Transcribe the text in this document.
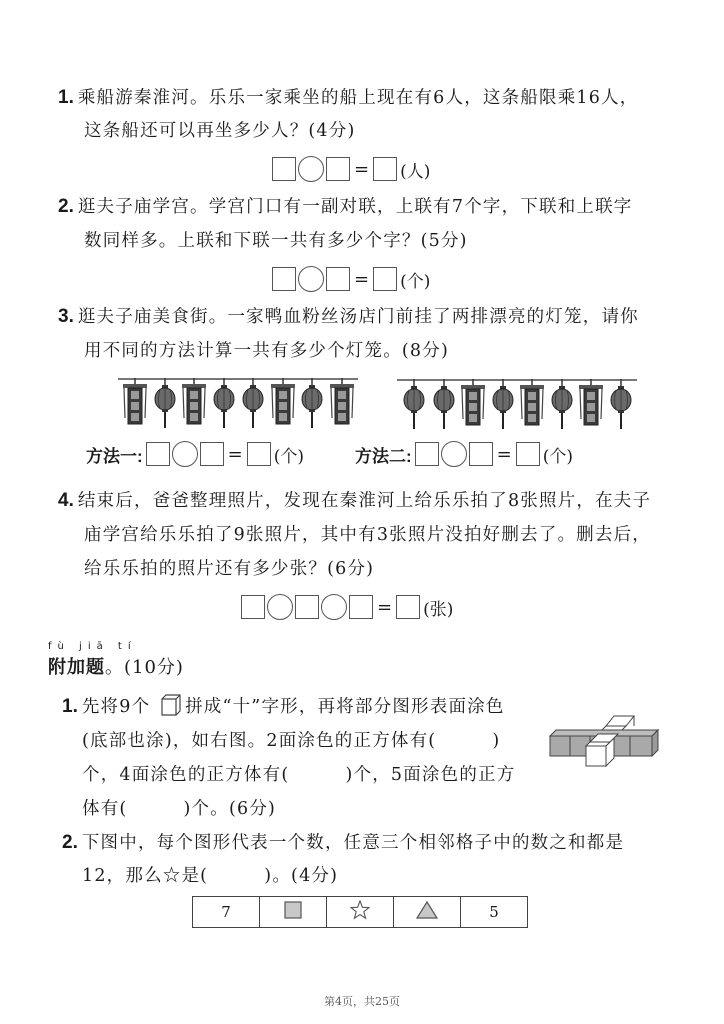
1. 乘船游秦淮河。乐乐一家乘坐的船上现在有6人，这条船限乘16人，
这条船还可以再坐多少人？(4分)
= (人)
2. 逛夫子庙学宫。学宫门口有一副对联，上联有7个字，下联和上联字
数同样多。上联和下联一共有多少个字？(5分)
= (个)
3. 逛夫子庙美食街。一家鸭血粉丝汤店门前挂了两排漂亮的灯笼，请你
用不同的方法计算一共有多少个灯笼。(8分)
方法一:	= (个)	方法二:	= (个)
4. 结束后，爸爸整理照片，发现在秦淮河上给乐乐拍了8张照片，在夫子
庙学宫给乐乐拍了9张照片，其中有3张照片没拍好删去了。删去后，
给乐乐拍的照片还有多少张？(6分)
= (张)
fù jiā tí
附加题。(10分)
1. 先将9个 拼成“十”字形，再将部分图形表面涂色
(底部也涂)，如右图。2面涂色的正方体有(　　　)
个，4面涂色的正方体有(　　　)个，5面涂色的正方
体有(　　　)个。(6分)
2. 下图中，每个图形代表一个数，任意三个相邻格子中的数之和都是
12，那么☆是(　　　)。(4分)
7				5
第4页，共25页
